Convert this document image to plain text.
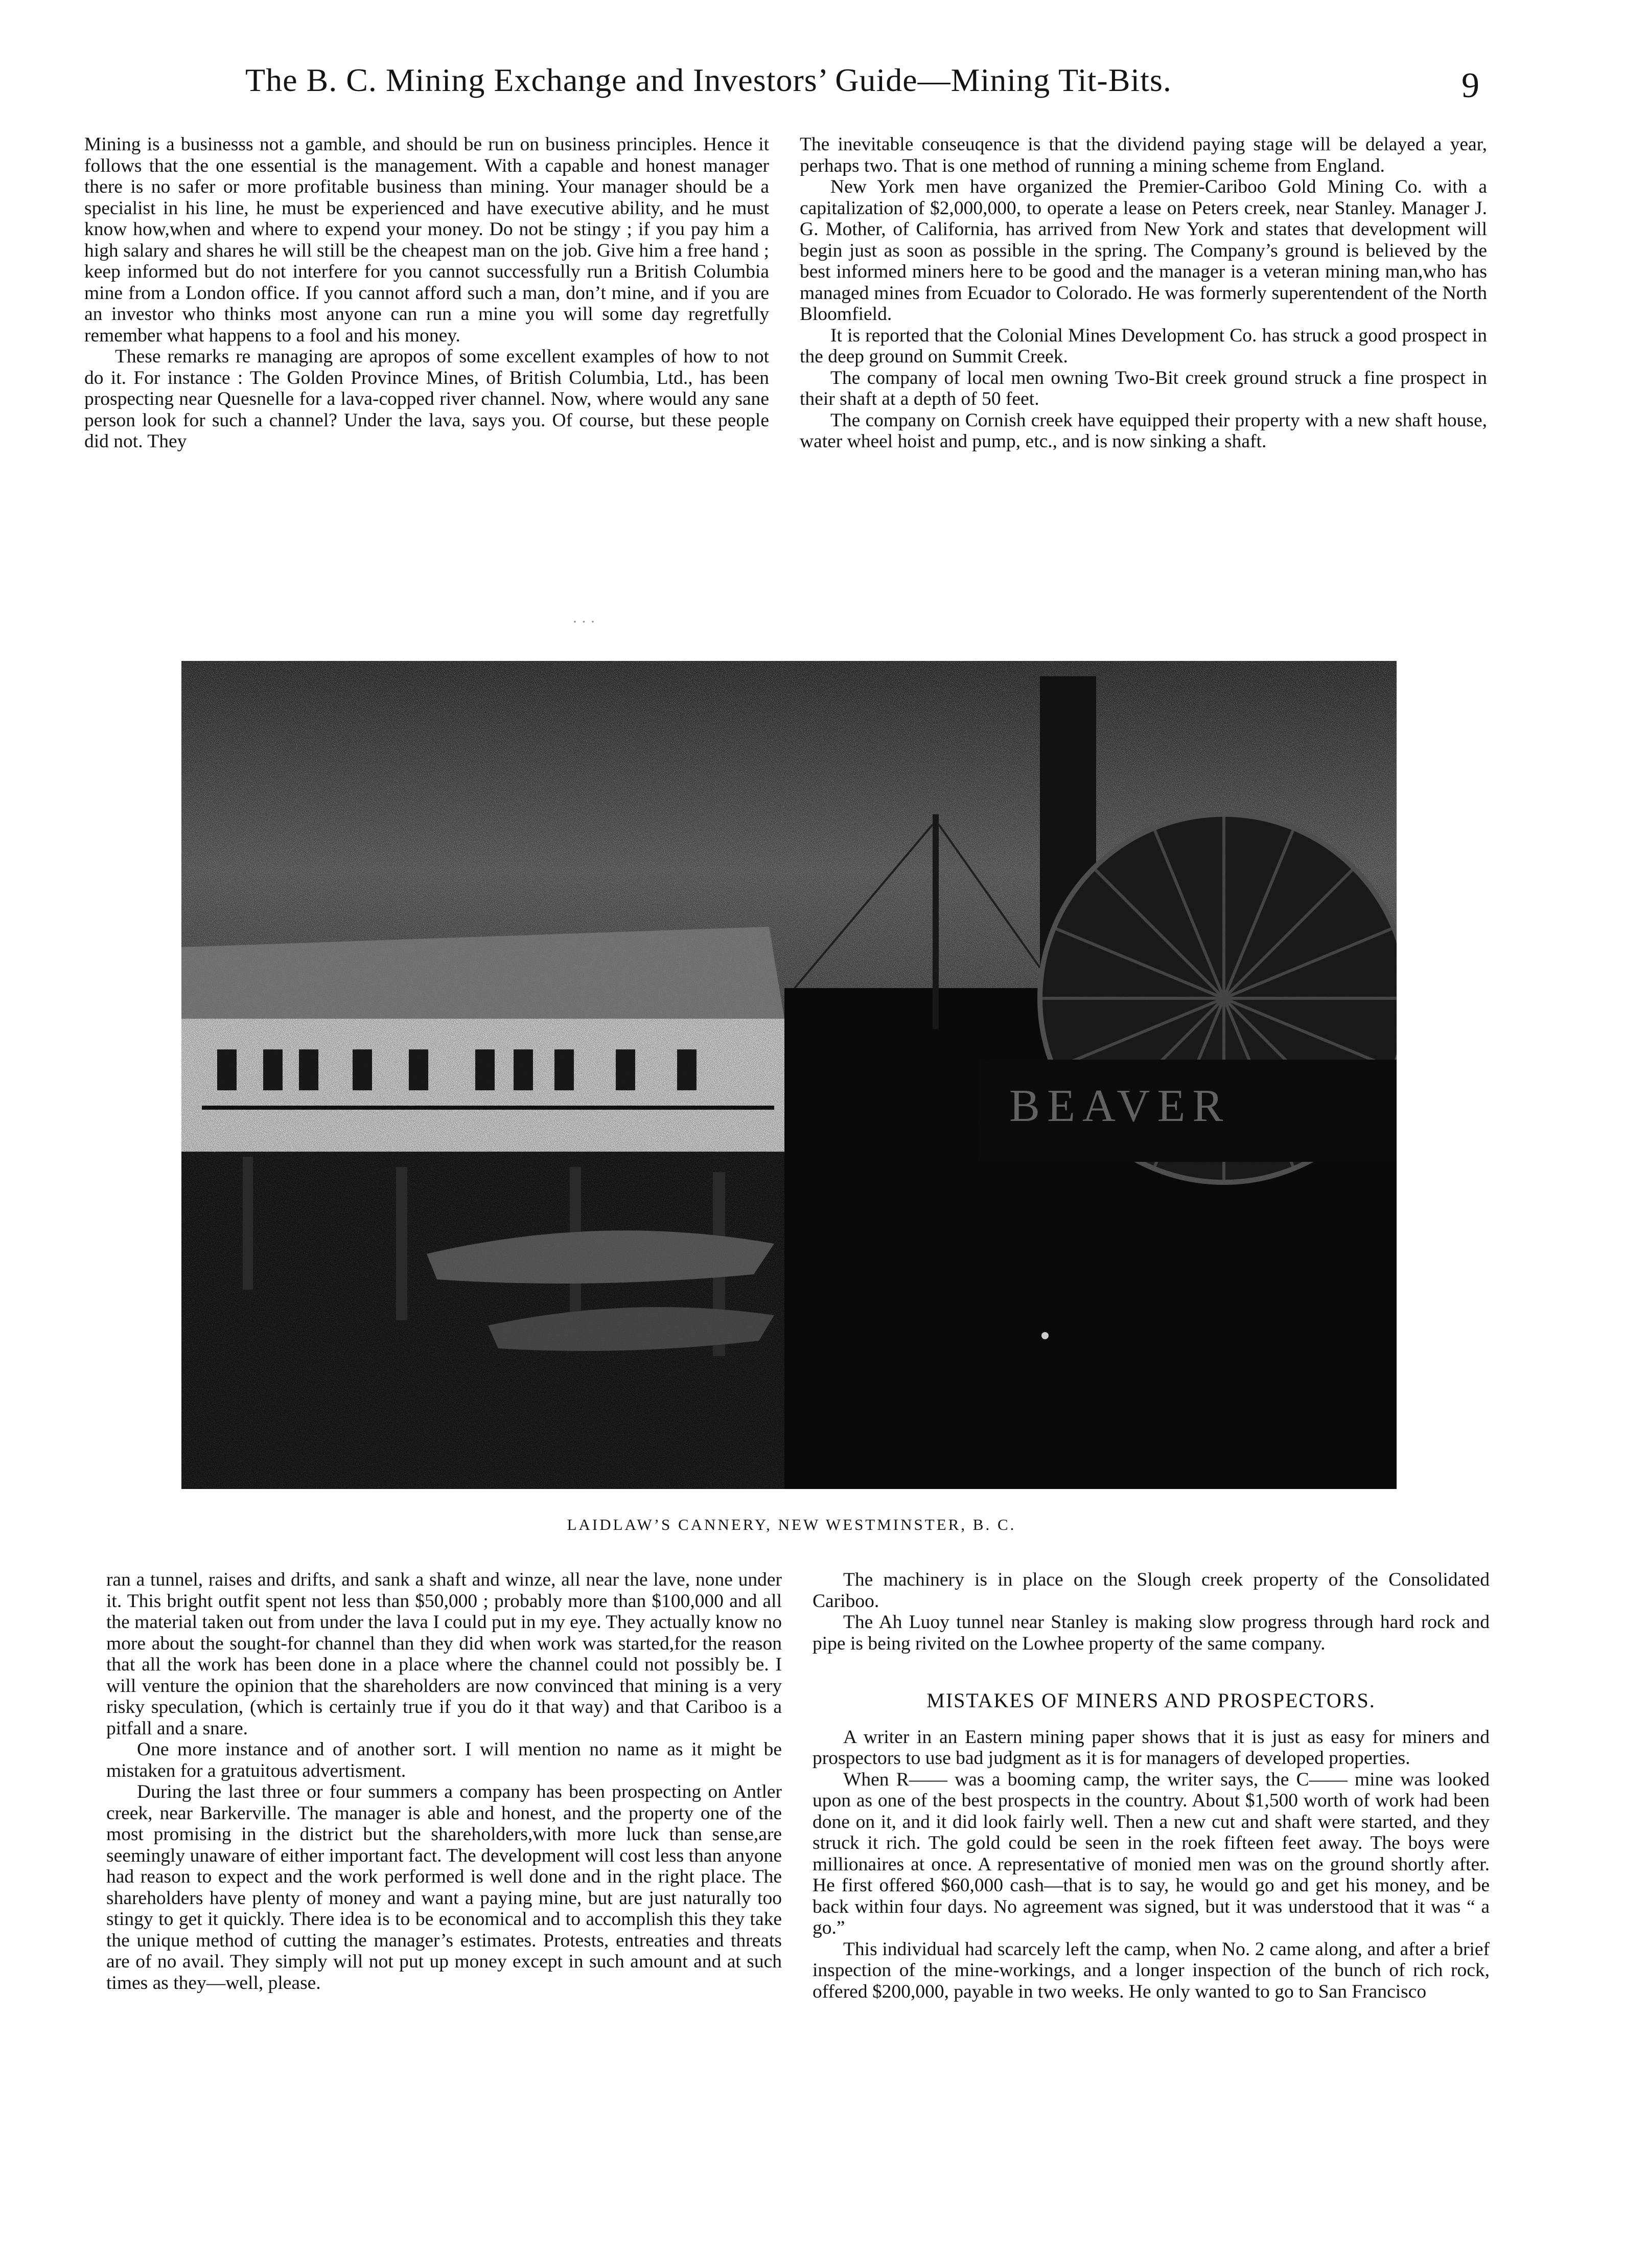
The B. C. Mining Exchange and Investors’ Guide—Mining Tit-Bits.	9

Mining is a businesss not a gamble, and should be run on business principles. Hence it follows that the one essential is the management. With a capable and honest manager there is no safer or more profitable business than mining. Your manager should be a specialist in his line, he must be experienced and have executive ability, and he must know how,when and where to expend your money. Do not be stingy ; if you pay him a high salary and shares he will still be the cheapest man on the job. Give him a free hand ; keep informed but do not interfere for you cannot successfully run a British Columbia mine from a London office. If you cannot afford such a man, don’t mine, and if you are an investor who thinks most anyone can run a mine you will some day regretfully remember what happens to a fool and his money.

These remarks re managing are apropos of some excellent examples of how to not do it. For instance : The Golden Province Mines, of British Columbia, Ltd., has been prospecting near Quesnelle for a lava-copped river channel. Now, where would any sane person look for such a channel? Under the lava, says you. Of course, but these people did not. They

The inevitable conseuqence is that the dividend paying stage will be delayed a year, perhaps two. That is one method of running a mining scheme from England.

New York men have organized the Premier-Cariboo Gold Mining Co. with a capitalization of $2,000,000, to operate a lease on Peters creek, near Stanley. Manager J. G. Mother, of California, has arrived from New York and states that development will begin just as soon as possible in the spring. The Company’s ground is believed by the best informed miners here to be good and the manager is a veteran mining man,who has managed mines from Ecuador to Colorado. He was formerly superentendent of the North Bloomfield.

It is reported that the Colonial Mines Development Co. has struck a good prospect in the deep ground on Summit Creek.

The company of local men owning Two-Bit creek ground struck a fine prospect in their shaft at a depth of 50 feet.

The company on Cornish creek have equipped their property with a new shaft house, water wheel hoist and pump, etc., and is now sinking a shaft.

· · ·
BEAVER
LAIDLAW’S CANNERY, NEW WESTMINSTER, B. C.

ran a tunnel, raises and drifts, and sank a shaft and winze, all near the lave, none under it. This bright outfit spent not less than $50,000 ; probably more than $100,000 and all the material taken out from under the lava I could put in my eye. They actually know no more about the sought-for channel than they did when work was started,for the reason that all the work has been done in a place where the channel could not possibly be. I will venture the opinion that the shareholders are now convinced that mining is a very risky speculation, (which is certainly true if you do it that way) and that Cariboo is a pitfall and a snare.

One more instance and of another sort. I will mention no name as it might be mistaken for a gratuitous advertisment.

During the last three or four summers a company has been prospecting on Antler creek, near Barkerville. The manager is able and honest, and the property one of the most promising in the district but the shareholders,with more luck than sense,are seemingly unaware of either important fact. The development will cost less than anyone had reason to expect and the work performed is well done and in the right place. The shareholders have plenty of money and want a paying mine, but are just naturally too stingy to get it quickly. There idea is to be economical and to accomplish this they take the unique method of cutting the manager’s estimates. Protests, entreaties and threats are of no avail. They simply will not put up money except in such amount and at such times as they—well, please.

The machinery is in place on the Slough creek property of the Consolidated Cariboo.

The Ah Luoy tunnel near Stanley is making slow progress through hard rock and pipe is being rivited on the Lowhee property of the same company.

MISTAKES OF MINERS AND PROSPECTORS.

A writer in an Eastern mining paper shows that it is just as easy for miners and prospectors to use bad judgment as it is for managers of developed properties.

When R—— was a booming camp, the writer says, the C—— mine was looked upon as one of the best prospects in the country. About $1,500 worth of work had been done on it, and it did look fairly well. Then a new cut and shaft were started, and they struck it rich. The gold could be seen in the roek fifteen feet away. The boys were millionaires at once. A representative of monied men was on the ground shortly after. He first offered $60,000 cash—that is to say, he would go and get his money, and be back within four days. No agreement was signed, but it was understood that it was “ a go.”

This individual had scarcely left the camp, when No. 2 came along, and after a brief inspection of the mine-workings, and a longer inspection of the bunch of rich rock, offered $200,000, payable in two weeks. He only wanted to go to San Francisco
